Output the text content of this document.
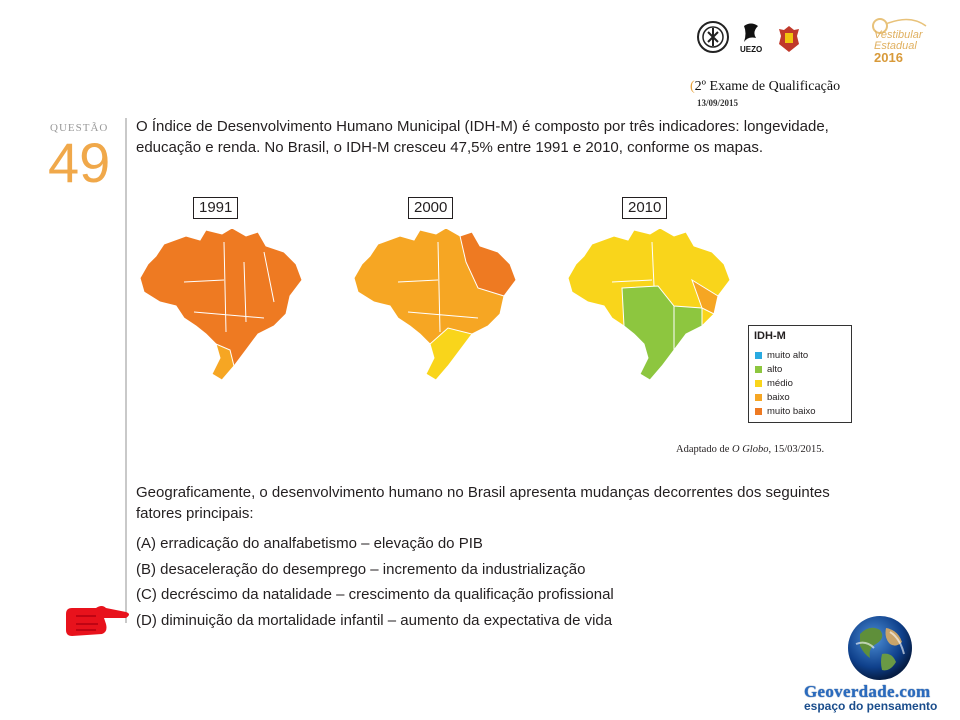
UEZO
Vestibular
Estadual
2016
(2º Exame de Qualificação
13/09/2015
QUESTÃO
49
O Índice de Desenvolvimento Humano Municipal (IDH-M) é composto por três indicadores: longevidade, educação e renda. No Brasil, o IDH-M cresceu 47,5% entre 1991 e 2010, conforme os mapas.
1991	2000	2010
IDH-M
muito alto
alto
médio
baixo
muito baixo
Adaptado de O Globo, 15/03/2015.
Geograficamente, o desenvolvimento humano no Brasil apresenta mudanças decorrentes dos seguintes fatores principais:
(A) erradicação do analfabetismo – elevação do PIB
(B) desaceleração do desemprego – incremento da industrialização
(C) decréscimo da natalidade – crescimento da qualificação profissional
(D) diminuição da mortalidade infantil – aumento da expectativa de vida
Geoverdade.com
espaço do pensamento
